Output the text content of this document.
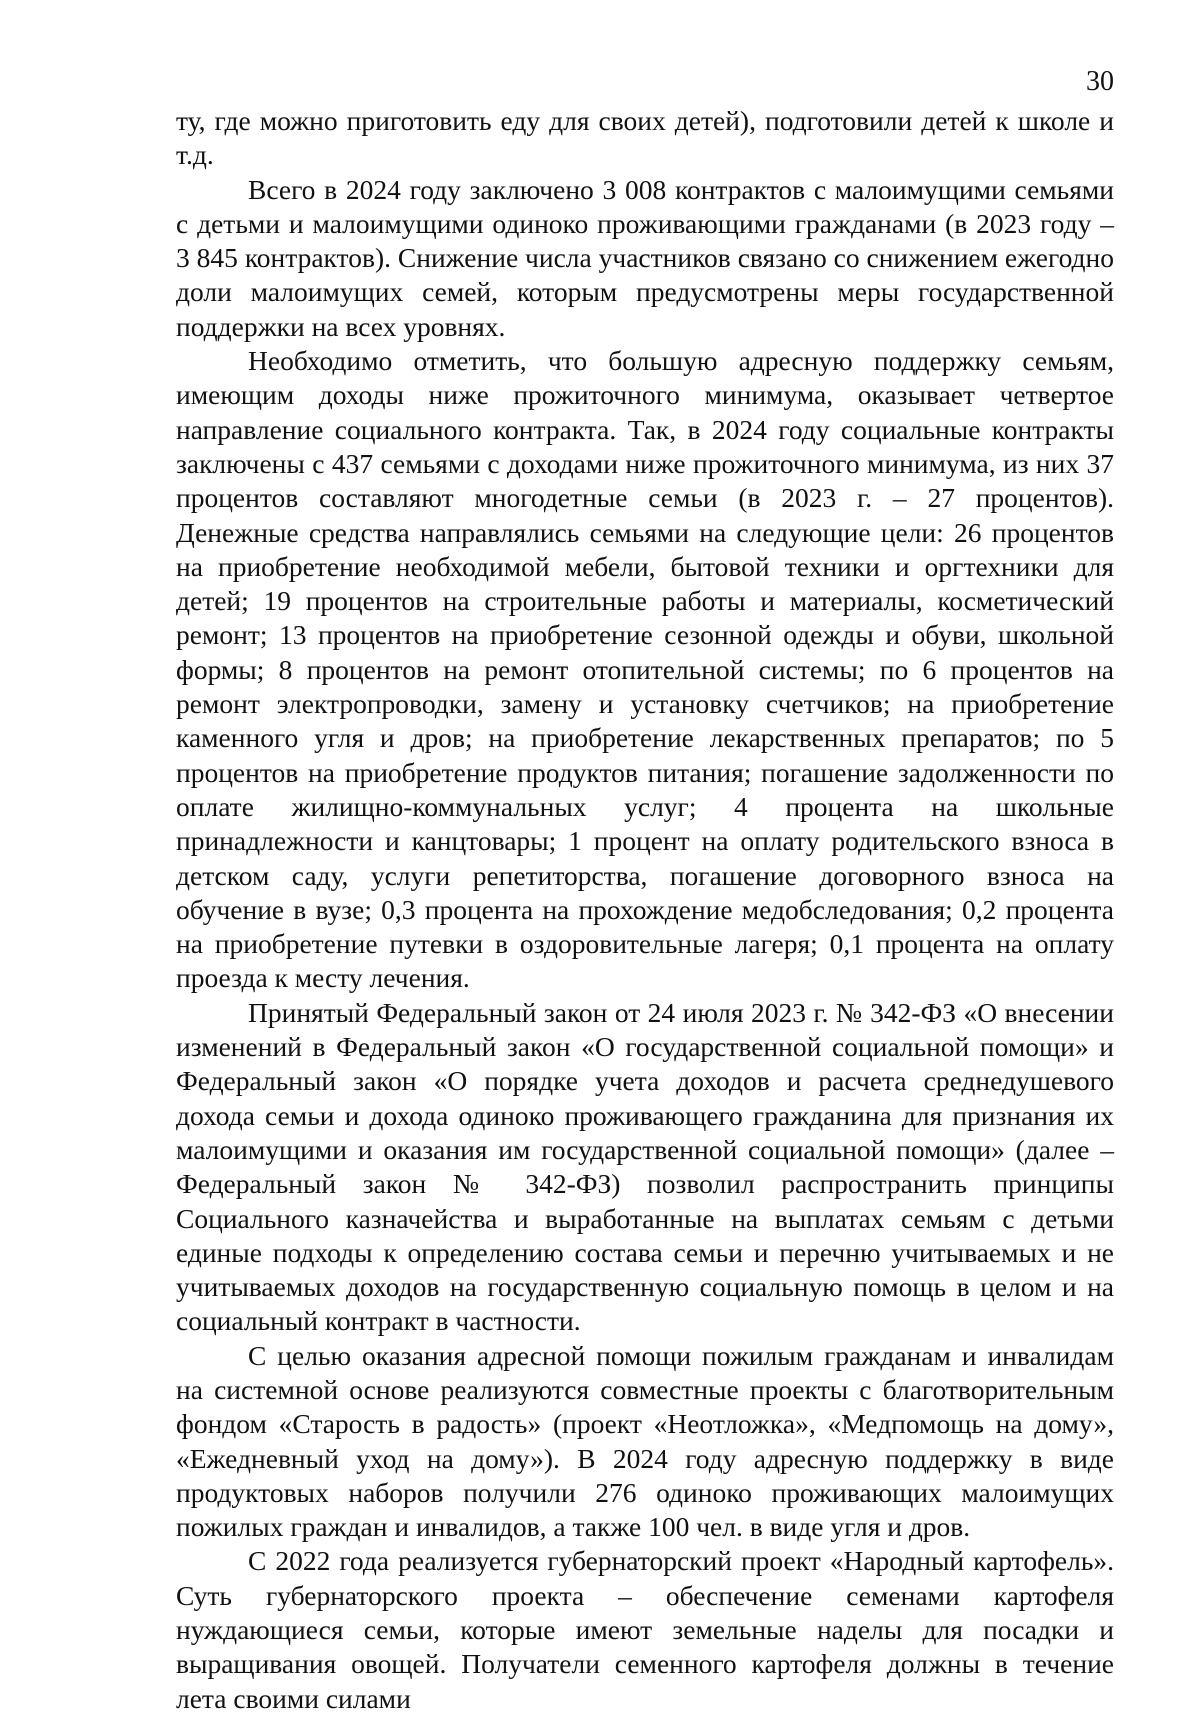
30

ту, где можно приготовить еду для своих детей), подготовили детей к школе и т.д.

Всего в 2024 году заключено 3 008 контрактов с малоимущими семьями с детьми и малоимущими одиноко проживающими гражданами (в 2023 году – 3 845 контрактов). Снижение числа участников связано со снижением ежегодно доли малоимущих семей, которым предусмотрены меры государственной поддержки на всех уровнях.

Необходимо отметить, что большую адресную поддержку семьям, имеющим доходы ниже прожиточного минимума, оказывает четвертое направление социального контракта. Так, в 2024 году социальные контракты заключены с 437 семьями с доходами ниже прожиточного минимума, из них 37 процентов составляют многодетные семьи (в 2023 г. – 27 процентов). Денежные средства направлялись семьями на следующие цели: 26 процентов на приобретение необходимой мебели, бытовой техники и оргтехники для детей; 19 процентов на строительные работы и материалы, косметический ремонт; 13 процентов на приобретение сезонной одежды и обуви, школьной формы; 8 процентов на ремонт отопительной системы; по 6 процентов на ремонт электропроводки, замену и установку счетчиков; на приобретение каменного угля и дров; на приобретение лекарственных препаратов; по 5 процентов на приобретение продуктов питания; погашение задолженности по оплате жилищно-коммунальных услуг; 4 процента на школьные принадлежности и канцтовары; 1 процент на оплату родительского взноса в детском саду, услуги репетиторства, погашение договорного взноса на обучение в вузе; 0,3 процента на прохождение медобследования; 0,2 процента на приобретение путевки в оздоровительные лагеря; 0,1 процента на оплату проезда к месту лечения.

Принятый Федеральный закон от 24 июля 2023 г. № 342-ФЗ «О внесении изменений в Федеральный закон «О государственной социальной помощи» и Федеральный закон «О порядке учета доходов и расчета среднедушевого дохода семьи и дохода одиноко проживающего гражданина для признания их малоимущими и оказания им государственной социальной помощи» (далее – Федеральный закон № 342-ФЗ) позволил распространить принципы Социального казначейства и выработанные на выплатах семьям с детьми единые подходы к определению состава семьи и перечню учитываемых и не учитываемых доходов на государственную социальную помощь в целом и на социальный контракт в частности.

С целью оказания адресной помощи пожилым гражданам и инвалидам на системной основе реализуются совместные проекты с благотворительным фондом «Старость в радость» (проект «Неотложка», «Медпомощь на дому», «Ежедневный уход на дому»). В 2024 году адресную поддержку в виде продуктовых наборов получили 276 одиноко проживающих малоимущих пожилых граждан и инвалидов, а также 100 чел. в виде угля и дров.

С 2022 года реализуется губернаторский проект «Народный картофель». Суть губернаторского проекта – обеспечение семенами картофеля нуждающиеся семьи, которые имеют земельные наделы для посадки и выращивания овощей. Получатели семенного картофеля должны в течение лета своими силами
